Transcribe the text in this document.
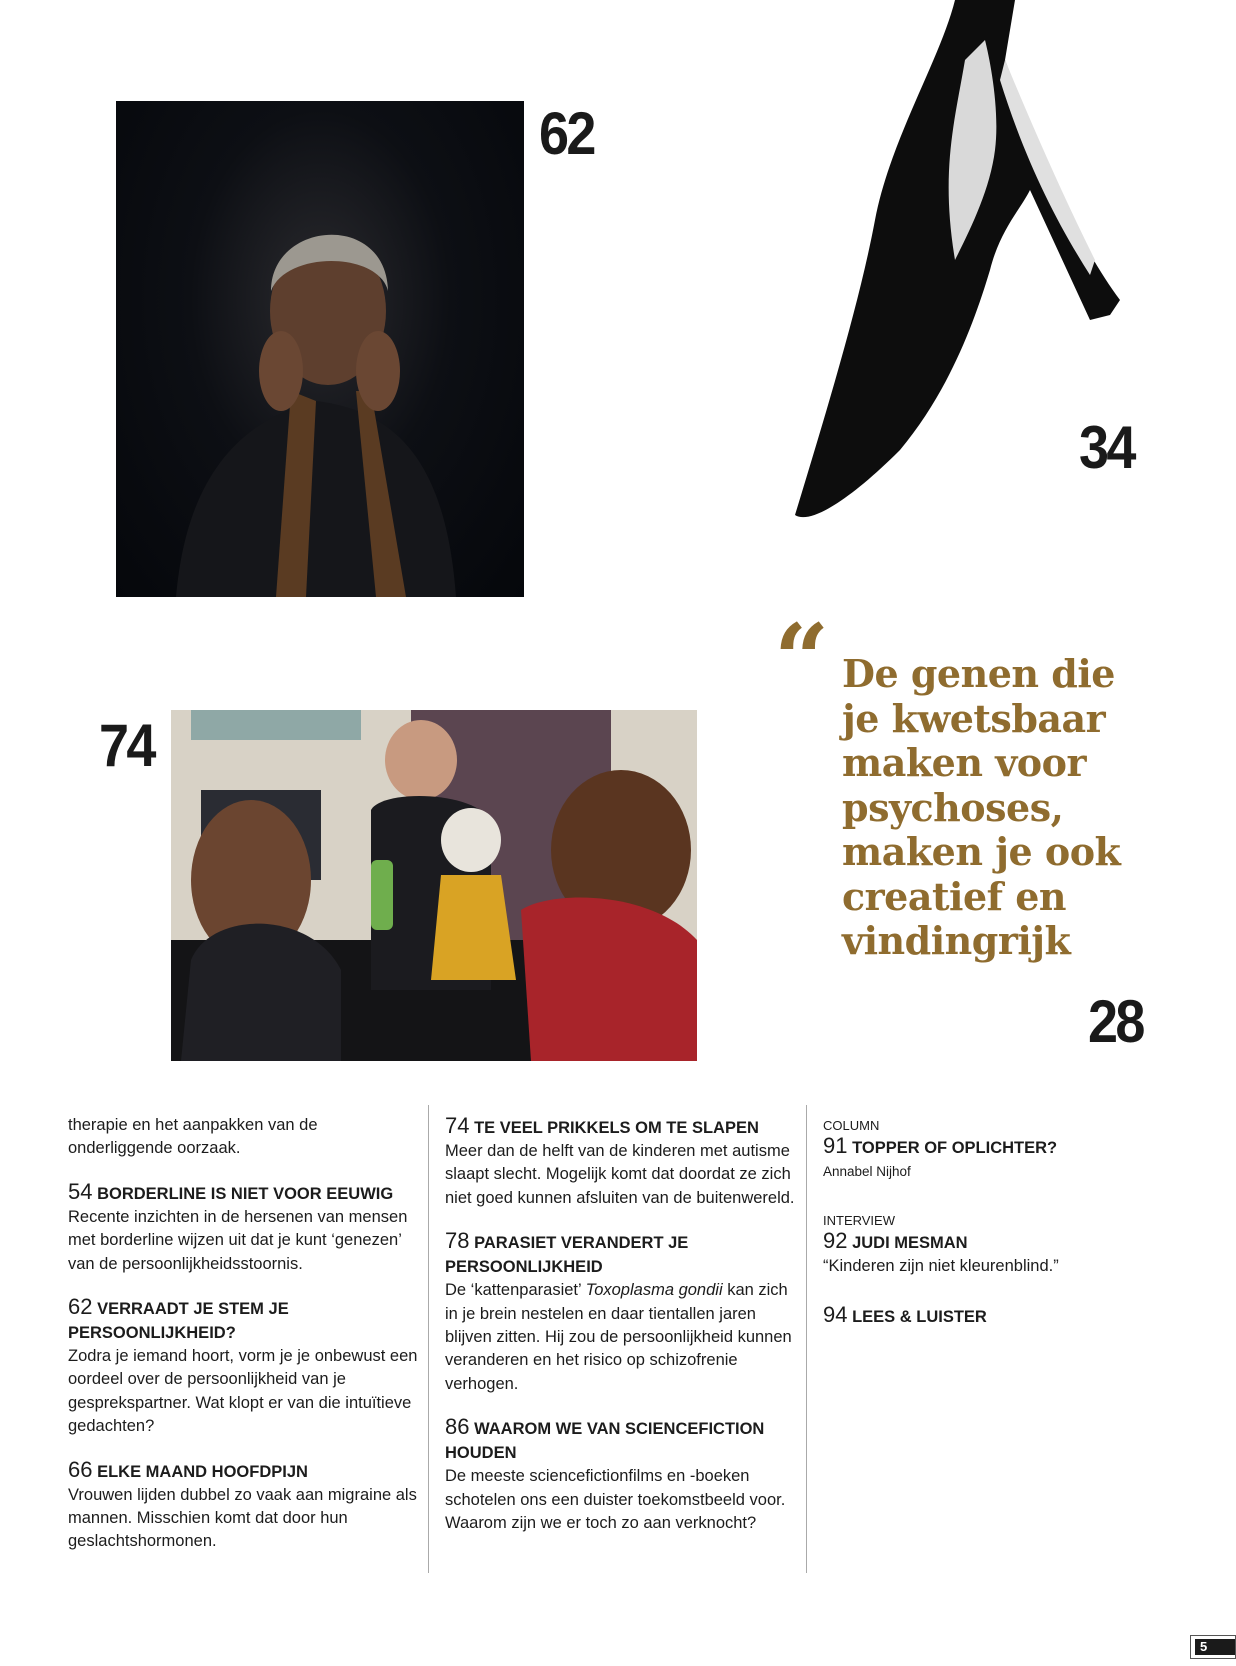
62
34
74
“ De genen die
je kwetsbaar
maken voor
psychoses,
maken je ook
creatief en
vindingrijk
28
therapie en het aanpakken van de onderliggende oorzaak.
54 BORDERLINE IS NIET VOOR EEUWIG
Recente inzichten in de hersenen van mensen met borderline wijzen uit dat je kunt ‘genezen’ van de persoonlijkheidsstoornis.
62 VERRAADT JE STEM JE PERSOONLIJKHEID?
Zodra je iemand hoort, vorm je je onbewust een oordeel over de persoonlijkheid van je gesprekspartner. Wat klopt er van die intuïtieve gedachten?
66 ELKE MAAND HOOFDPIJN
Vrouwen lijden dubbel zo vaak aan migraine als mannen. Misschien komt dat door hun geslachtshormonen.
74 TE VEEL PRIKKELS OM TE SLAPEN
Meer dan de helft van de kinderen met autisme slaapt slecht. Mogelijk komt dat doordat ze zich niet goed kunnen afsluiten van de buitenwereld.
78 PARASIET VERANDERT JE PERSOONLIJKHEID
De ‘kattenparasiet’ Toxoplasma gondii kan zich in je brein nestelen en daar tientallen jaren blijven zitten. Hij zou de persoonlijkheid kunnen veranderen en het risico op schizofrenie verhogen.
86 WAAROM WE VAN SCIENCEFICTION HOUDEN
De meeste sciencefictionfilms en -boeken schotelen ons een duister toekomstbeeld voor. Waarom zijn we er toch zo aan verknocht?
COLUMN
91 TOPPER OF OPLICHTER?
Annabel Nijhof
INTERVIEW
92 JUDI MESMAN
“Kinderen zijn niet kleurenblind.”
94 LEES & LUISTER
5
